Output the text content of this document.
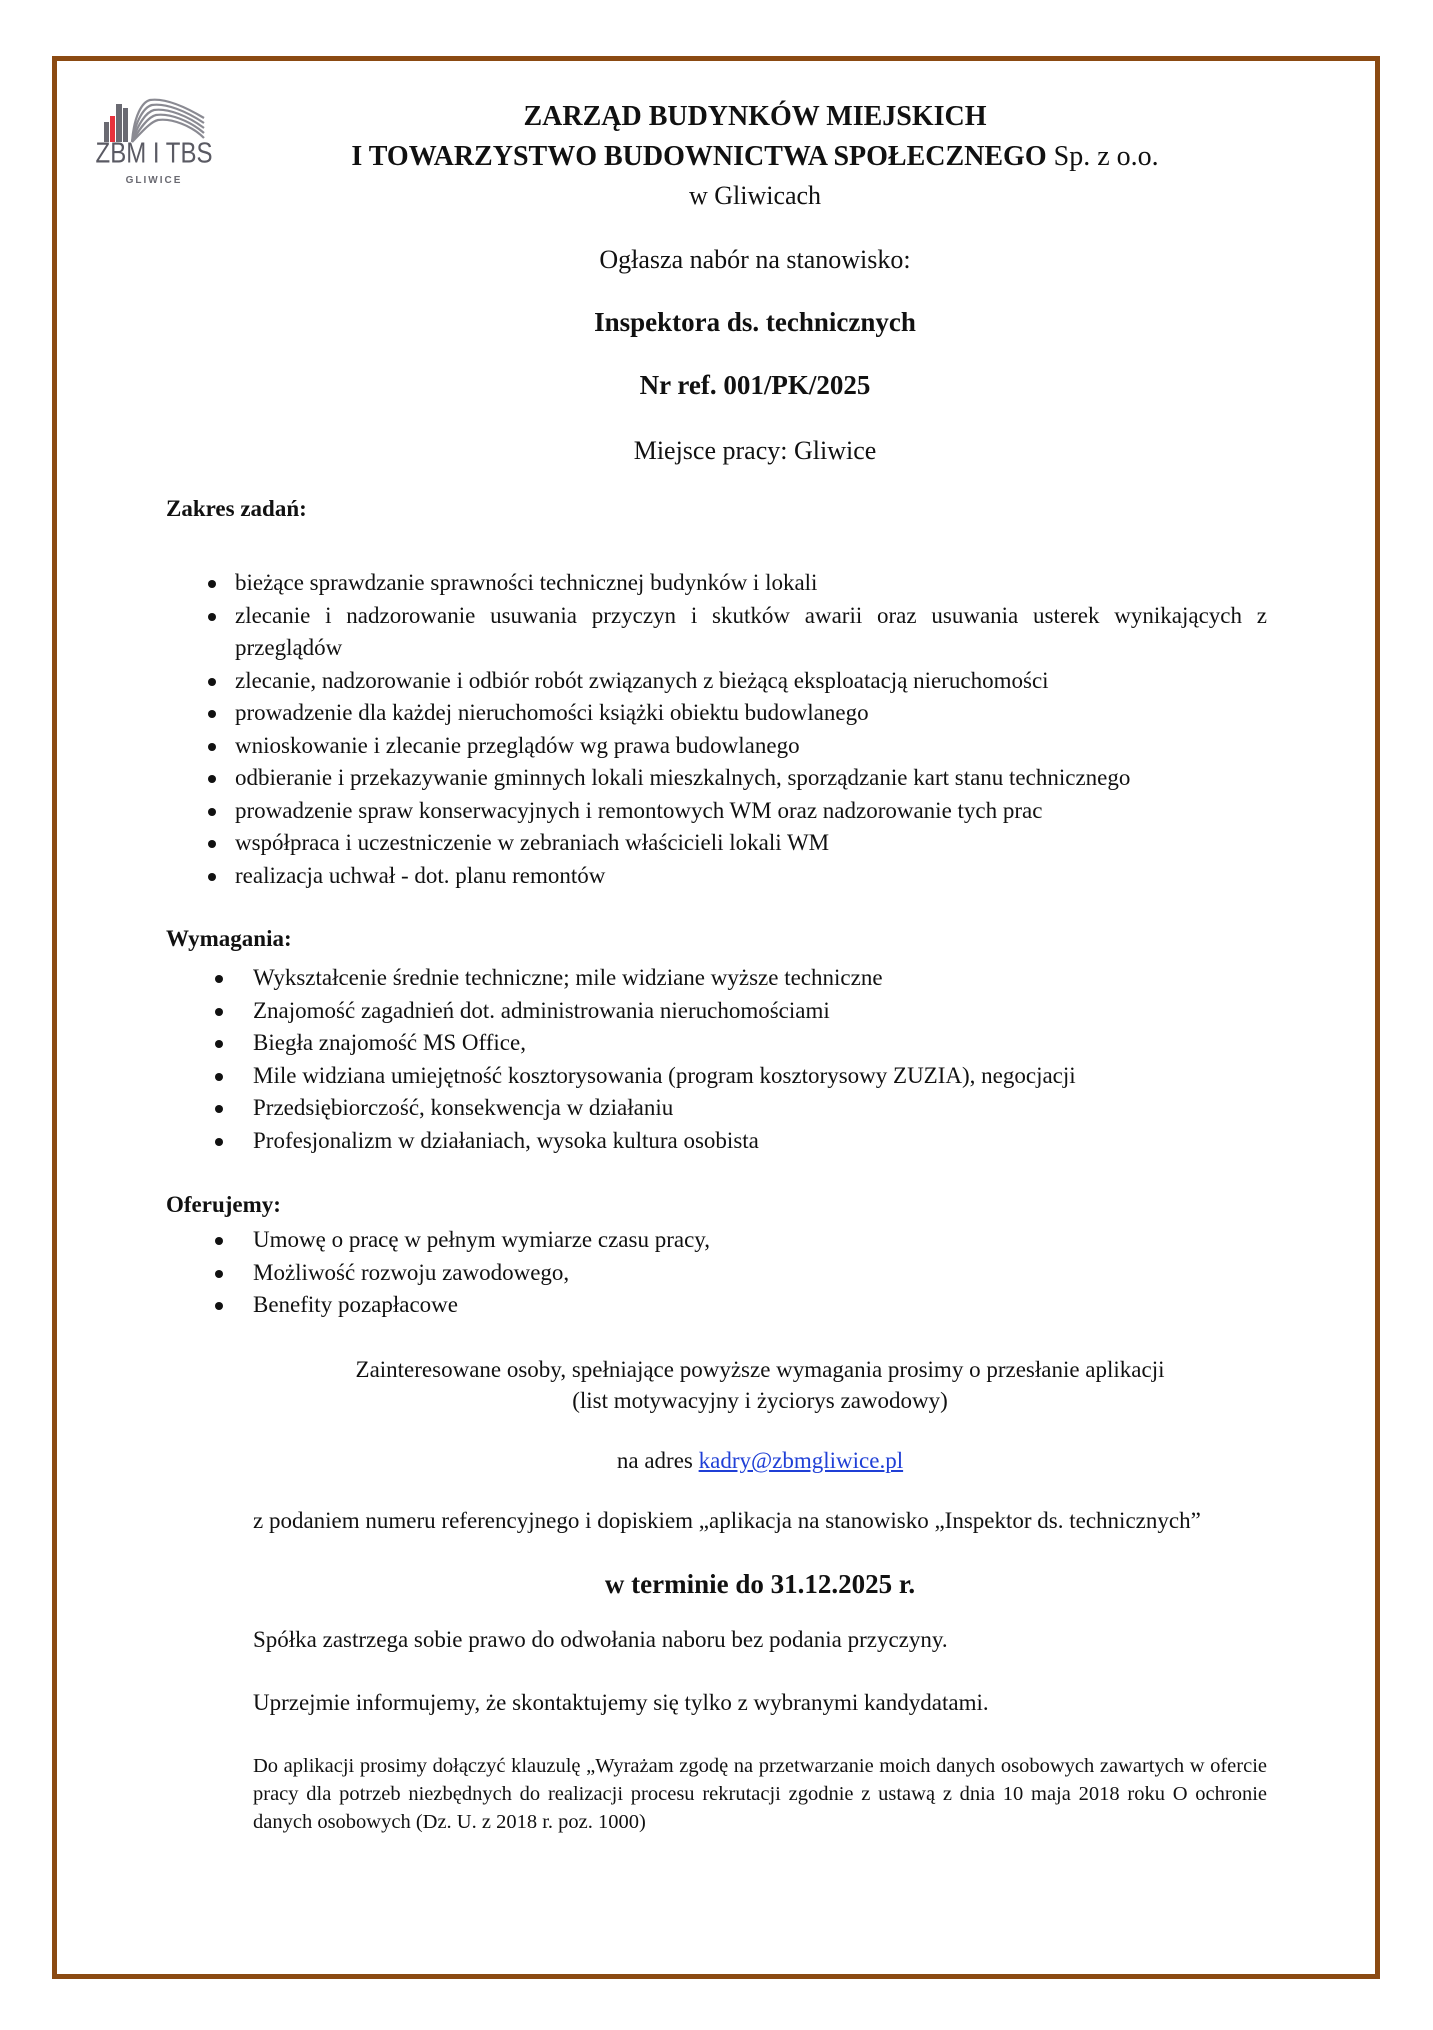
ZBM I TBS
GLIWICE
ZARZĄD BUDYNKÓW MIEJSKICH
I TOWARZYSTWO BUDOWNICTWA SPOŁECZNEGO Sp. z o.o.
w Gliwicach
Ogłasza nabór na stanowisko:
Inspektora ds. technicznych
Nr ref. 001/PK/2025
Miejsce pracy: Gliwice
Zakres zadań:
bieżące sprawdzanie sprawności technicznej budynków i lokali
zlecanie i nadzorowanie usuwania przyczyn i skutków awarii oraz usuwania usterek wynikających z przeglądów
zlecanie, nadzorowanie i odbiór robót związanych z bieżącą eksploatacją nieruchomości
prowadzenie dla każdej nieruchomości książki obiektu budowlanego
wnioskowanie i zlecanie przeglądów wg prawa budowlanego
odbieranie i przekazywanie gminnych lokali mieszkalnych, sporządzanie kart stanu technicznego
prowadzenie spraw konserwacyjnych i remontowych WM oraz nadzorowanie tych prac
współpraca i uczestniczenie w zebraniach właścicieli lokali WM
realizacja uchwał - dot. planu remontów
Wymagania:
Wykształcenie średnie techniczne; mile widziane wyższe techniczne
Znajomość zagadnień dot. administrowania nieruchomościami
Biegła znajomość MS Office,
Mile widziana umiejętność kosztorysowania (program kosztorysowy ZUZIA), negocjacji
Przedsiębiorczość, konsekwencja w działaniu
Profesjonalizm w działaniach, wysoka kultura osobista
Oferujemy:
Umowę o pracę w pełnym wymiarze czasu pracy,
Możliwość rozwoju zawodowego,
Benefity pozapłacowe
Zainteresowane osoby, spełniające powyższe wymagania prosimy o przesłanie aplikacji
(list motywacyjny i życiorys zawodowy)
na adres kadry@zbmgliwice.pl
z podaniem numeru referencyjnego i dopiskiem „aplikacja na stanowisko „Inspektor ds. technicznych”
w terminie do 31.12.2025 r.
Spółka zastrzega sobie prawo do odwołania naboru bez podania przyczyny.
Uprzejmie informujemy, że skontaktujemy się tylko z wybranymi kandydatami.
Do aplikacji prosimy dołączyć klauzulę „Wyrażam zgodę na przetwarzanie moich danych osobowych zawartych w ofercie pracy dla potrzeb niezbędnych do realizacji procesu rekrutacji zgodnie z ustawą z dnia 10 maja 2018 roku O ochronie danych osobowych (Dz. U. z 2018 r. poz. 1000)
